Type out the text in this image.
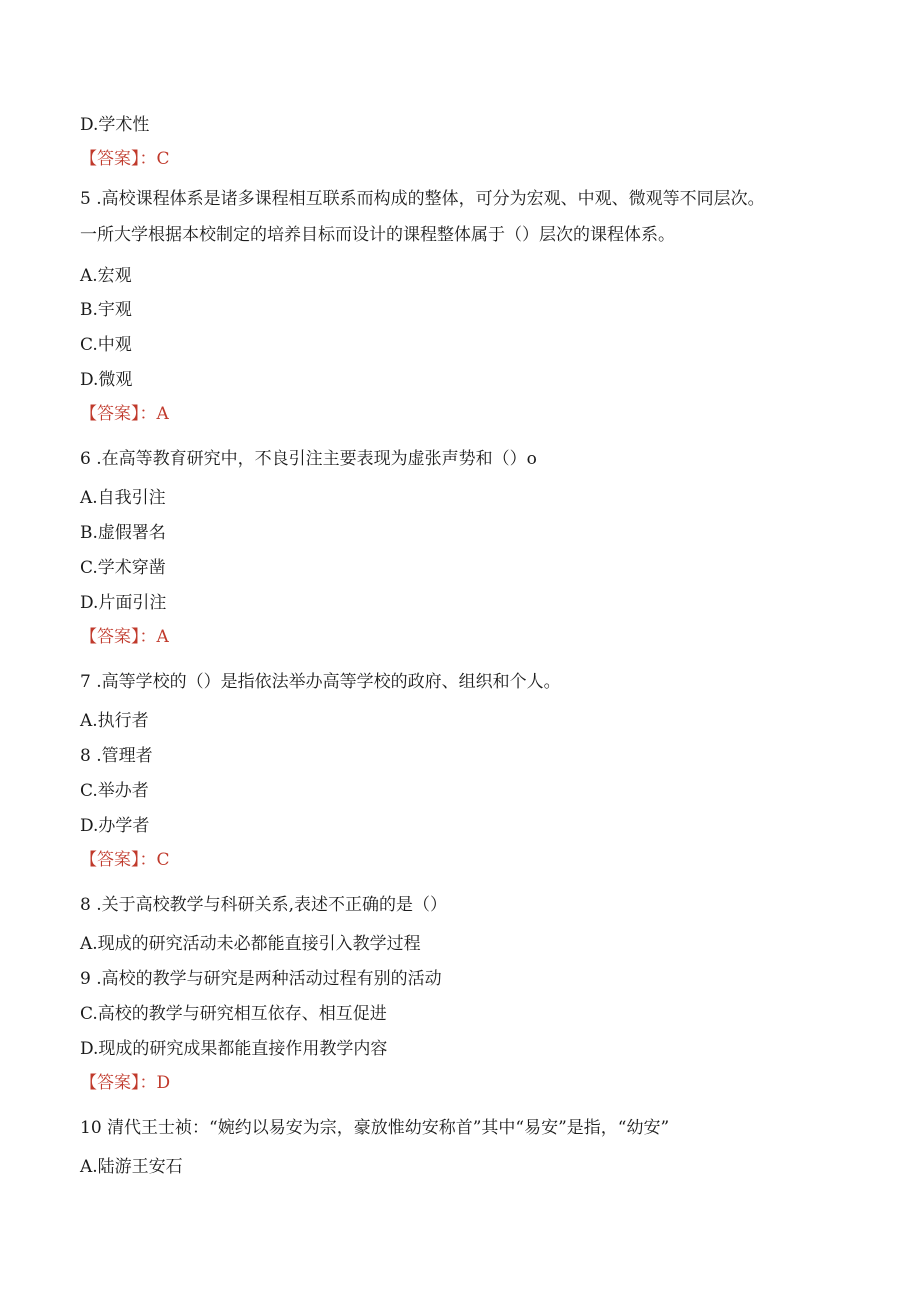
D.学术性
【答案】：C
5 .高校课程体系是诸多课程相互联系而构成的整体，可分为宏观、中观、微观等不同层次。
一所大学根据本校制定的培养目标而设计的课程整体属于（）层次的课程体系。
A.宏观
B.宇观
C.中观
D.微观
【答案】：A
6 .在高等教育研究中，不良引注主要表现为虚张声势和（）o
A.自我引注
B.虚假署名
C.学术穿凿
D.片面引注
【答案】：A
7 .高等学校的（）是指依法举办高等学校的政府、组织和个人。
A.执行者
8 .管理者
C.举办者
D.办学者
【答案】：C
8 .关于高校教学与科研关系,表述不正确的是（）
A.现成的研究活动未必都能直接引入教学过程
9 .高校的教学与研究是两种活动过程有别的活动
C.高校的教学与研究相互依存、相互促进
D.现成的研究成果都能直接作用教学内容
【答案】：D
10 清代王士祯：“婉约以易安为宗，豪放惟幼安称首”其中“易安”是指，“幼安”
A.陆游王安石
